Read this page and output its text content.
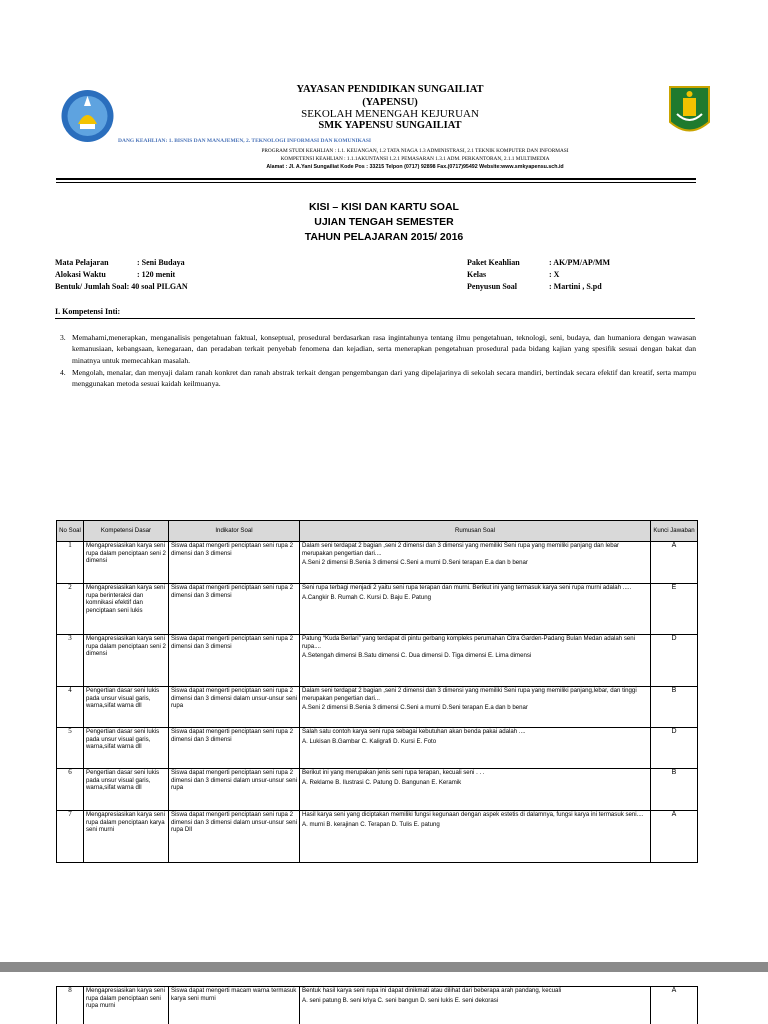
YAYASAN PENDIDIKAN SUNGAILIAT
(YAPENSU)
SEKOLAH MENENGAH KEJURUAN
SMK YAPENSU SUNGAILIAT
DANG KEAHLIAN: 1. BISNIS DAN MANAJEMEN, 2. TEKNOLOGI INFORMASI DAN KOMUNIKASI
PROGRAM STUDI KEAHLIAN : 1.1. KEUANGAN, 1.2 TATA NIAGA 1.3 ADMINISTRASI, 2.1 TEKNIK KOMPUTER DAN INFORMASI
KOMPETENSI KEAHLIAN : 1.1.1AKUNTANSI 1.2.1 PEMASARAN 1.3.1 ADM. PERKANTORAN, 2.1.1 MULTIMEDIA
Alamat : Jl. A.Yani Sungailiat Kode Pos : 33215 Telpon (0717) 92898 Fax.(0717)95492 Website:www.smkyapensu.sch.id
KISI – KISI DAN KARTU SOAL
UJIAN TENGAH SEMESTER
TAHUN PELAJARAN 2015/ 2016
Mata Pelajaran	: Seni Budaya
Alokasi Waktu	: 120 menit
Bentuk/ Jumlah Soal: 40 soal PILGAN
Paket Keahlian	: AK/PM/AP/MM
Kelas	: X
Penyusun Soal	: Martini , S.pd
I. Kompetensi Inti:
3. Memahami,menerapkan, menganalisis pengetahuan faktual, konseptual, prosedural berdasarkan rasa ingintahunya tentang ilmu pengetahuan, teknologi, seni, budaya, dan humaniora dengan wawasan kemanusiaan, kebangsaan, kenegaraan, dan peradaban terkait penyebab fenomena dan kejadian, serta menerapkan pengetahuan prosedural pada bidang kajian yang spesifik sesuai dengan bakat dan minatnya untuk memecahkan masalah.
4. Mengolah, menalar, dan menyaji dalam ranah konkret dan ranah abstrak terkait dengan pengembangan dari yang dipelajarinya di sekolah secara mandiri, bertindak secara efektif dan kreatif, serta mampu menggunakan metoda sesuai kaidah keilmuanya.
No Soal	Kompetensi Dasar	Indikator Soal	Rumusan Soal	Kunci Jawaban
1	Mengapresiasikan karya seni rupa dalam penciptaan seni 2 dimensi	Siswa dapat mengerti penciptaan seni rupa 2 dimensi dan 3 dimensi	Dalam seni terdapat 2 bagian ,seni 2 dimensi dan 3 dimensi yang memiliki Seni rupa yang memiliki panjang dan lebar merupakan pengertian dari....
A.Seni 2 dimensi B.Senia 3 dimensi C.Seni a murni D.Seni terapan E.a dan b benar	A
2	Mengapresiasikan karya seni rupa berinteraksi dan komnikasi efektif dan penciptaan seni lukis	Siswa dapat mengerti penciptaan seni rupa 2 dimensi dan 3 dimensi	Seni rupa terbagi menjadi 2 yaitu seni rupa terapan dan murni. Berikut ini yang termasuk karya seni rupa murni adalah .....
A.Cangkir B. Rumah C. Kursi D. Baju E. Patung	E
3	Mengapresiasikan karya seni rupa dalam penciptaan seni 2 dimensi	Siswa dapat mengerti penciptaan seni rupa 2 dimensi dan 3 dimensi	Patung “Kuda Berlari” yang terdapat di pintu gerbang kompleks perumahan Citra Garden-Padang Bulan Medan adalah seni rupa....
A.Setengah dimensi B.Satu dimensi C. Dua dimensi D. Tiga dimensi E. Lima dimensi	D
4	Pengertian dasar seni lukis pada unsur visual garis, warna,sifat warna dll	Siswa dapat mengerti penciptaan seni rupa 2 dimensi dan 3 dimensi dalam unsur-unsur seni rupa	Dalam seni terdapat 2 bagian ,seni 2 dimensi dan 3 dimensi yang memiliki Seni rupa yang memiliki panjang,lebar, dan tinggi merupakan pengertian dari...
A.Seni 2 dimensi B.Senia 3 dimensi C.Seni a murni D.Seni terapan E.a dan b benar	B
5	Pengertian dasar seni lukis pada unsur visual garis, warna,sifat warna dll	Siswa dapat mengerti penciptaan seni rupa 2 dimensi dan 3 dimensi	Salah satu contoh karya seni rupa sebagai kebutuhan akan benda pakai adalah ....
A. Lukisan B.Gambar C. Kaligrafi D. Kursi E. Foto	D
6	Pengertian dasar seni lukis pada unsur visual garis, warna,sifat warna dll	Siswa dapat mengerti penciptaan seni rupa 2 dimensi dan 3 dimensi dalam unsur-unsur seni rupa	Berikut ini yang merupakan jenis seni rupa terapan, kecuali seni . . .
A. Reklame B. Ilustrasi C. Patung D. Bangunan E. Keramik	B
7	Mengapresiasikan karya seni rupa dalam penciptaan karya seni murni	Siswa dapat mengerti penciptaan seni rupa 2 dimensi dan 3 dimensi dalam unsur-unsur seni rupa Dll	Hasil karya seni yang diciptakan memiliki fungsi kegunaan dengan aspek estetis di dalamnya, fungsi karya ini termasuk seni....
A. murni B. kerajinan C. Terapan D. Tulis E. patung	A
8	Mengapresiasikan karya seni rupa dalam penciptaan seni rupa murni	Siswa dapat mengerti macam warna termasuk karya seni murni	Bentuk hasil karya seni rupa ini dapat dinikmati atau dilihat dari beberapa arah pandang, kecuali
A. seni patung B. seni kriya C. seni bangun D. seni lukis E. seni dekorasi
	A
